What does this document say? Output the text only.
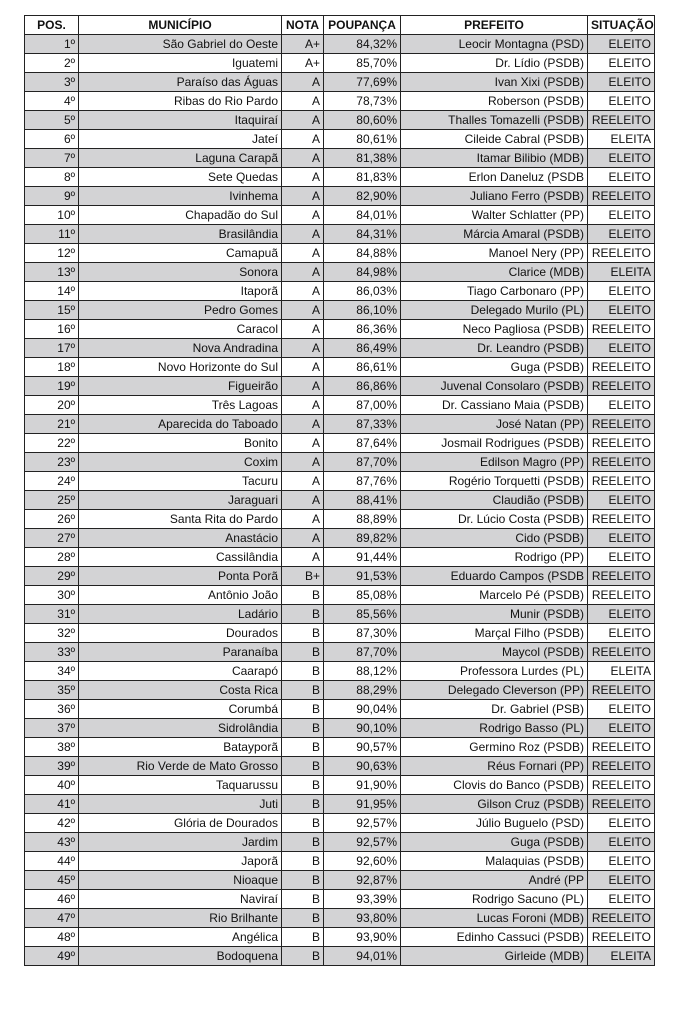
POS.	MUNICÍPIO	NOTA	POUPANÇA	PREFEITO	SITUAÇÃO
1º	São Gabriel do Oeste	A+	84,32%	Leocir Montagna (PSD)	ELEITO
2º	Iguatemi	A+	85,70%	Dr. Lídio (PSDB)	ELEITO
3º	Paraíso das Águas	A	77,69%	Ivan Xixi (PSDB)	ELEITO
4º	Ribas do Rio Pardo	A	78,73%	Roberson (PSDB)	ELEITO
5º	Itaquiraí	A	80,60%	Thalles Tomazelli (PSDB)	REELEITO
6º	Jateí	A	80,61%	Cileide Cabral (PSDB)	ELEITA
7º	Laguna Carapã	A	81,38%	Itamar Bilibio (MDB)	ELEITO
8º	Sete Quedas	A	81,83%	Erlon Daneluz (PSDB	ELEITO
9º	Ivinhema	A	82,90%	Juliano Ferro (PSDB)	REELEITO
10º	Chapadão do Sul	A	84,01%	Walter Schlatter (PP)	ELEITO
11º	Brasilândia	A	84,31%	Márcia Amaral (PSDB)	ELEITO
12º	Camapuã	A	84,88%	Manoel Nery (PP)	REELEITO
13º	Sonora	A	84,98%	Clarice (MDB)	ELEITA
14º	Itaporã	A	86,03%	Tiago Carbonaro (PP)	ELEITO
15º	Pedro Gomes	A	86,10%	Delegado Murilo (PL)	ELEITO
16º	Caracol	A	86,36%	Neco Pagliosa (PSDB)	REELEITO
17º	Nova Andradina	A	86,49%	Dr. Leandro (PSDB)	ELEITO
18º	Novo Horizonte do Sul	A	86,61%	Guga (PSDB)	REELEITO
19º	Figueirão	A	86,86%	Juvenal Consolaro (PSDB)	REELEITO
20º	Três Lagoas	A	87,00%	Dr. Cassiano Maia (PSDB)	ELEITO
21º	Aparecida do Taboado	A	87,33%	José Natan (PP)	REELEITO
22º	Bonito	A	87,64%	Josmail Rodrigues (PSDB)	REELEITO
23º	Coxim	A	87,70%	Edilson Magro (PP)	REELEITO
24º	Tacuru	A	87,76%	Rogério Torquetti (PSDB)	REELEITO
25º	Jaraguari	A	88,41%	Claudião (PSDB)	ELEITO
26º	Santa Rita do Pardo	A	88,89%	Dr. Lúcio Costa (PSDB)	REELEITO
27º	Anastácio	A	89,82%	Cido (PSDB)	ELEITO
28º	Cassilândia	A	91,44%	Rodrigo (PP)	ELEITO
29º	Ponta Porã	B+	91,53%	Eduardo Campos (PSDB	REELEITO
30º	Antônio João	B	85,08%	Marcelo Pé (PSDB)	REELEITO
31º	Ladário	B	85,56%	Munir (PSDB)	ELEITO
32º	Dourados	B	87,30%	Marçal Filho (PSDB)	ELEITO
33º	Paranaíba	B	87,70%	Maycol (PSDB)	REELEITO
34º	Caarapó	B	88,12%	Professora Lurdes (PL)	ELEITA
35º	Costa Rica	B	88,29%	Delegado Cleverson (PP)	REELEITO
36º	Corumbá	B	90,04%	Dr. Gabriel (PSB)	ELEITO
37º	Sidrolândia	B	90,10%	Rodrigo Basso (PL)	ELEITO
38º	Batayporã	B	90,57%	Germino Roz (PSDB)	REELEITO
39º	Rio Verde de Mato Grosso	B	90,63%	Réus Fornari (PP)	REELEITO
40º	Taquarussu	B	91,90%	Clovis do Banco (PSDB)	REELEITO
41º	Juti	B	91,95%	Gilson Cruz (PSDB)	REELEITO
42º	Glória de Dourados	B	92,57%	Júlio Buguelo (PSD)	ELEITO
43º	Jardim	B	92,57%	Guga (PSDB)	ELEITO
44º	Japorã	B	92,60%	Malaquias (PSDB)	ELEITO
45º	Nioaque	B	92,87%	André (PP	ELEITO
46º	Naviraí	B	93,39%	Rodrigo Sacuno (PL)	ELEITO
47º	Rio Brilhante	B	93,80%	Lucas Foroni (MDB)	REELEITO
48º	Angélica	B	93,90%	Edinho Cassuci (PSDB)	REELEITO
49º	Bodoquena	B	94,01%	Girleide (MDB)	ELEITA
